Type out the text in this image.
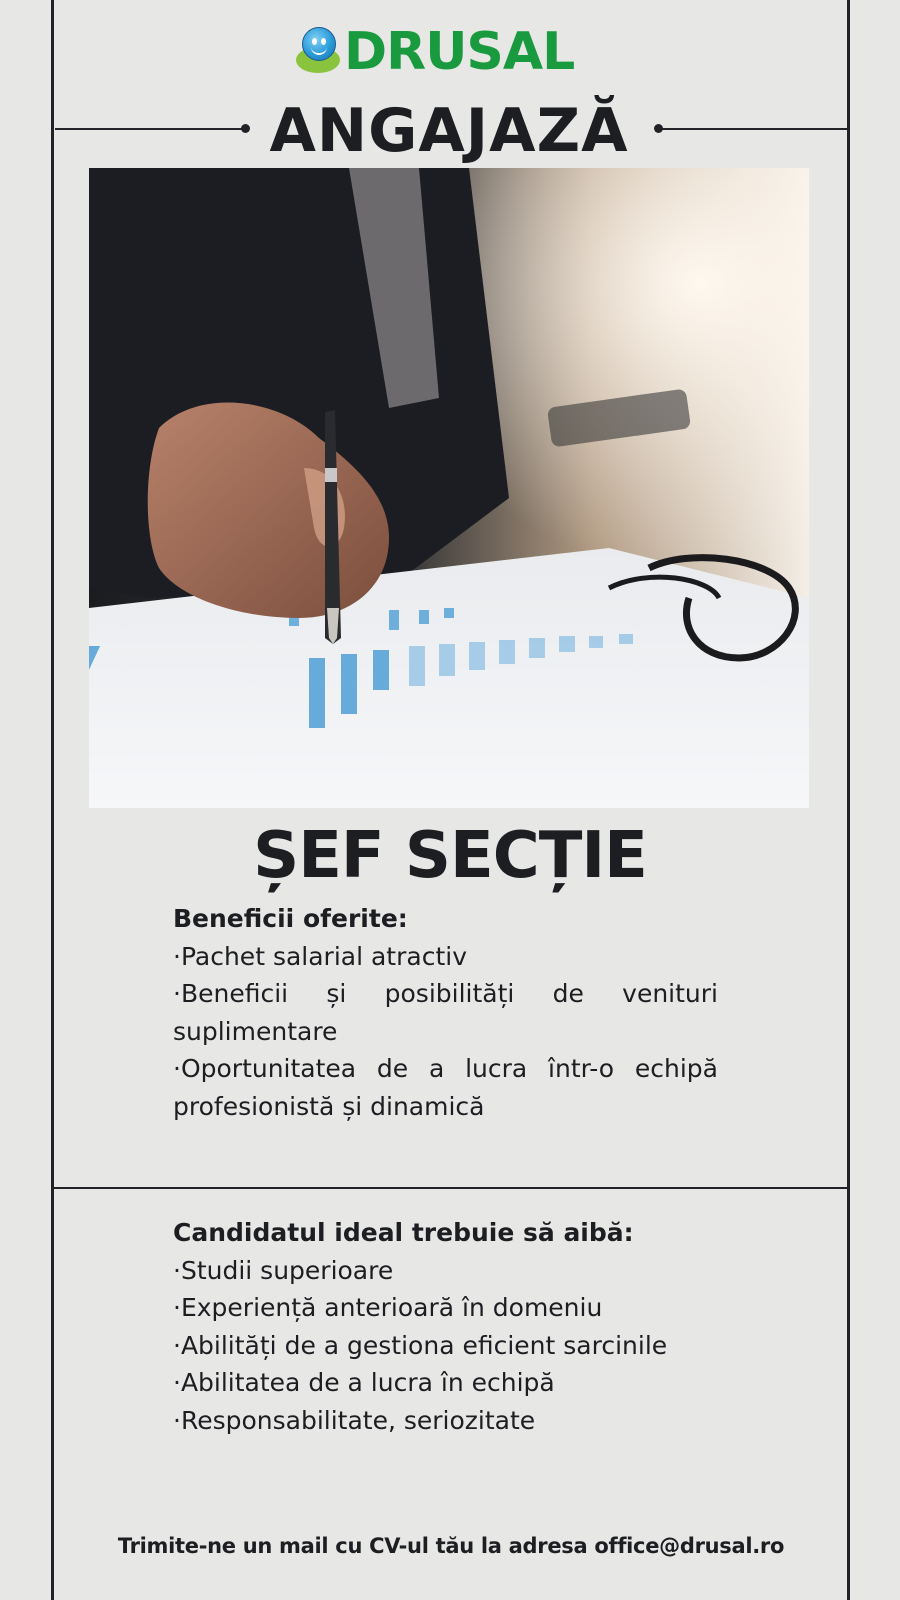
DRUSAL
ANGAJAZĂ
ȘEF SECȚIE
Beneficii oferite:
·Pachet salarial atractiv
·Beneficii și posibilități de venituri suplimentare
·Oportunitatea de a lucra într-o echipă profesionistă și dinamică
Candidatul ideal trebuie să aibă:
·Studii superioare
·Experiență anterioară în domeniu
·Abilități de a gestiona eficient sarcinile
·Abilitatea de a lucra în echipă
·Responsabilitate, seriozitate
Trimite-ne un mail cu CV-ul tău la adresa office@drusal.ro
